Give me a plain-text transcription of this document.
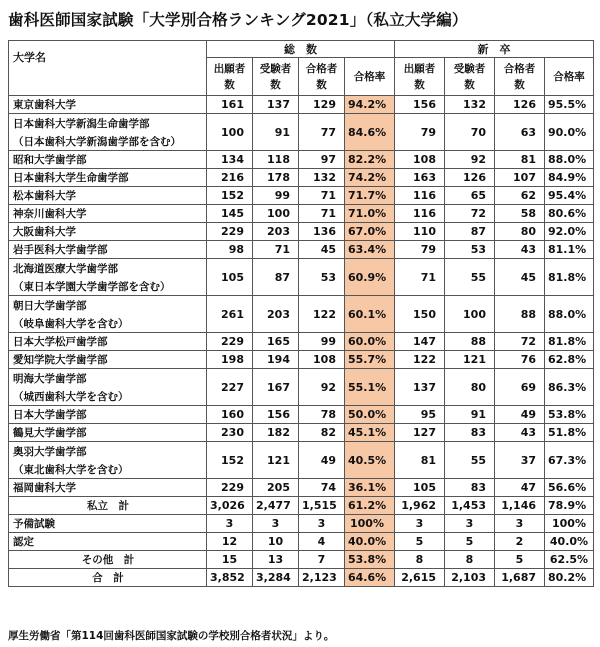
歯科医師国家試験「大学別合格ランキング2021」（私立大学編）
大学名	総　数				新　卒			
	出願者
数	受験者
数	合格者
数	合格率	出願者
数	受験者
数	合格者
数	合格率

東京歯科大学	161	137	129	94.2%	156	132	126	95.5%

日本歯科大学新潟生命歯学部
（日本歯科大学新潟歯学部を含む）	100	91	77	84.6%	79	70	63	90.0%

昭和大学歯学部	134	118	97	82.2%	108	92	81	88.0%

日本歯科大学生命歯学部	216	178	132	74.2%	163	126	107	84.9%

松本歯科大学	152	99	71	71.7%	116	65	62	95.4%

神奈川歯科大学	145	100	71	71.0%	116	72	58	80.6%

大阪歯科大学	229	203	136	67.0%	110	87	80	92.0%

岩手医科大学歯学部	98	71	45	63.4%	79	53	43	81.1%

北海道医療大学歯学部
（東日本学園大学歯学部を含む）	105	87	53	60.9%	71	55	45	81.8%

朝日大学歯学部
（岐阜歯科大学を含む）	261	203	122	60.1%	150	100	88	88.0%

日本大学松戸歯学部	229	165	99	60.0%	147	88	72	81.8%

愛知学院大学歯学部	198	194	108	55.7%	122	121	76	62.8%

明海大学歯学部
（城西歯科大学を含む）	227	167	92	55.1%	137	80	69	86.3%

日本大学歯学部	160	156	78	50.0%	95	91	49	53.8%

鶴見大学歯学部	230	182	82	45.1%	127	83	43	51.8%

奥羽大学歯学部
（東北歯科大学を含む）	152	121	49	40.5%	81	55	37	67.3%

福岡歯科大学	229	205	74	36.1%	105	83	47	56.6%

私立　計	3,026	2,477	1,515	61.2%	1,962	1,453	1,146	78.9%

予備試験	3	3	3	100%	3	3	3	100%

認定	12	10	4	40.0%	5	5	2	40.0%

その他　計	15	13	7	53.8%	8	8	5	62.5%

合　計	3,852	3,284	2,123	64.6%	2,615	2,103	1,687	80.2%
厚生労働省「第114回歯科医師国家試験の学校別合格者状況」より。
